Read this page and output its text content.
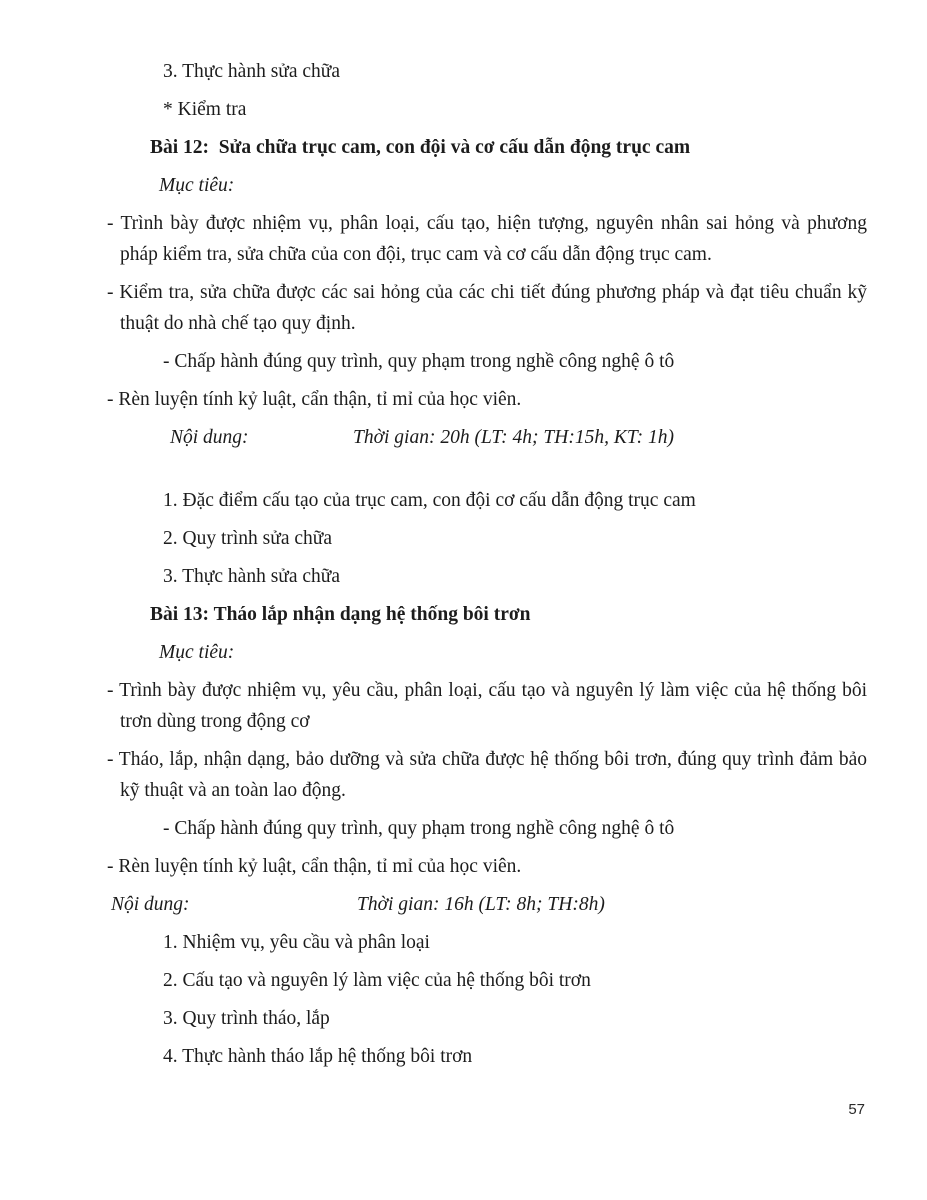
3. Thực hành sửa chữa

* Kiểm tra

Bài 12:  Sửa chữa trục cam, con đội và cơ cấu dẫn động trục cam

Mục tiêu:

- Trình bày được nhiệm vụ, phân loại, cấu tạo, hiện tượng, nguyên nhân sai hỏng và phương pháp kiểm tra, sửa chữa của con đội, trục cam và cơ cấu dẫn động trục cam.

- Kiểm tra, sửa chữa được các sai hỏng của các chi tiết đúng phương pháp và đạt tiêu chuẩn kỹ thuật do nhà chế tạo quy định.

- Chấp hành đúng quy trình, quy phạm trong nghề công nghệ ô tô

- Rèn luyện tính kỷ luật, cẩn thận, tỉ mỉ của học viên.

Nội dung:	Thời gian: 20h (LT: 4h; TH:15h, KT: 1h)

1. Đặc điểm cấu tạo của trục cam, con đội cơ cấu dẫn động trục cam

2. Quy trình sửa chữa

3. Thực hành sửa chữa

Bài 13: Tháo lắp nhận dạng hệ thống bôi trơn

Mục tiêu:

- Trình bày được nhiệm vụ, yêu cầu, phân loại, cấu tạo và nguyên lý làm việc của hệ thống bôi trơn dùng trong động cơ

- Tháo, lắp, nhận dạng, bảo dưỡng và sửa chữa được hệ thống bôi trơn, đúng quy trình đảm bảo kỹ thuật và an toàn lao động.

- Chấp hành đúng quy trình, quy phạm trong nghề công nghệ ô tô

- Rèn luyện tính kỷ luật, cẩn thận, tỉ mỉ của học viên.

Nội dung:	Thời gian: 16h (LT: 8h; TH:8h)

1. Nhiệm vụ, yêu cầu và phân loại

2. Cấu tạo và nguyên lý làm việc của hệ thống bôi trơn

3. Quy trình tháo, lắp

4. Thực hành tháo lắp hệ thống bôi trơn

57
